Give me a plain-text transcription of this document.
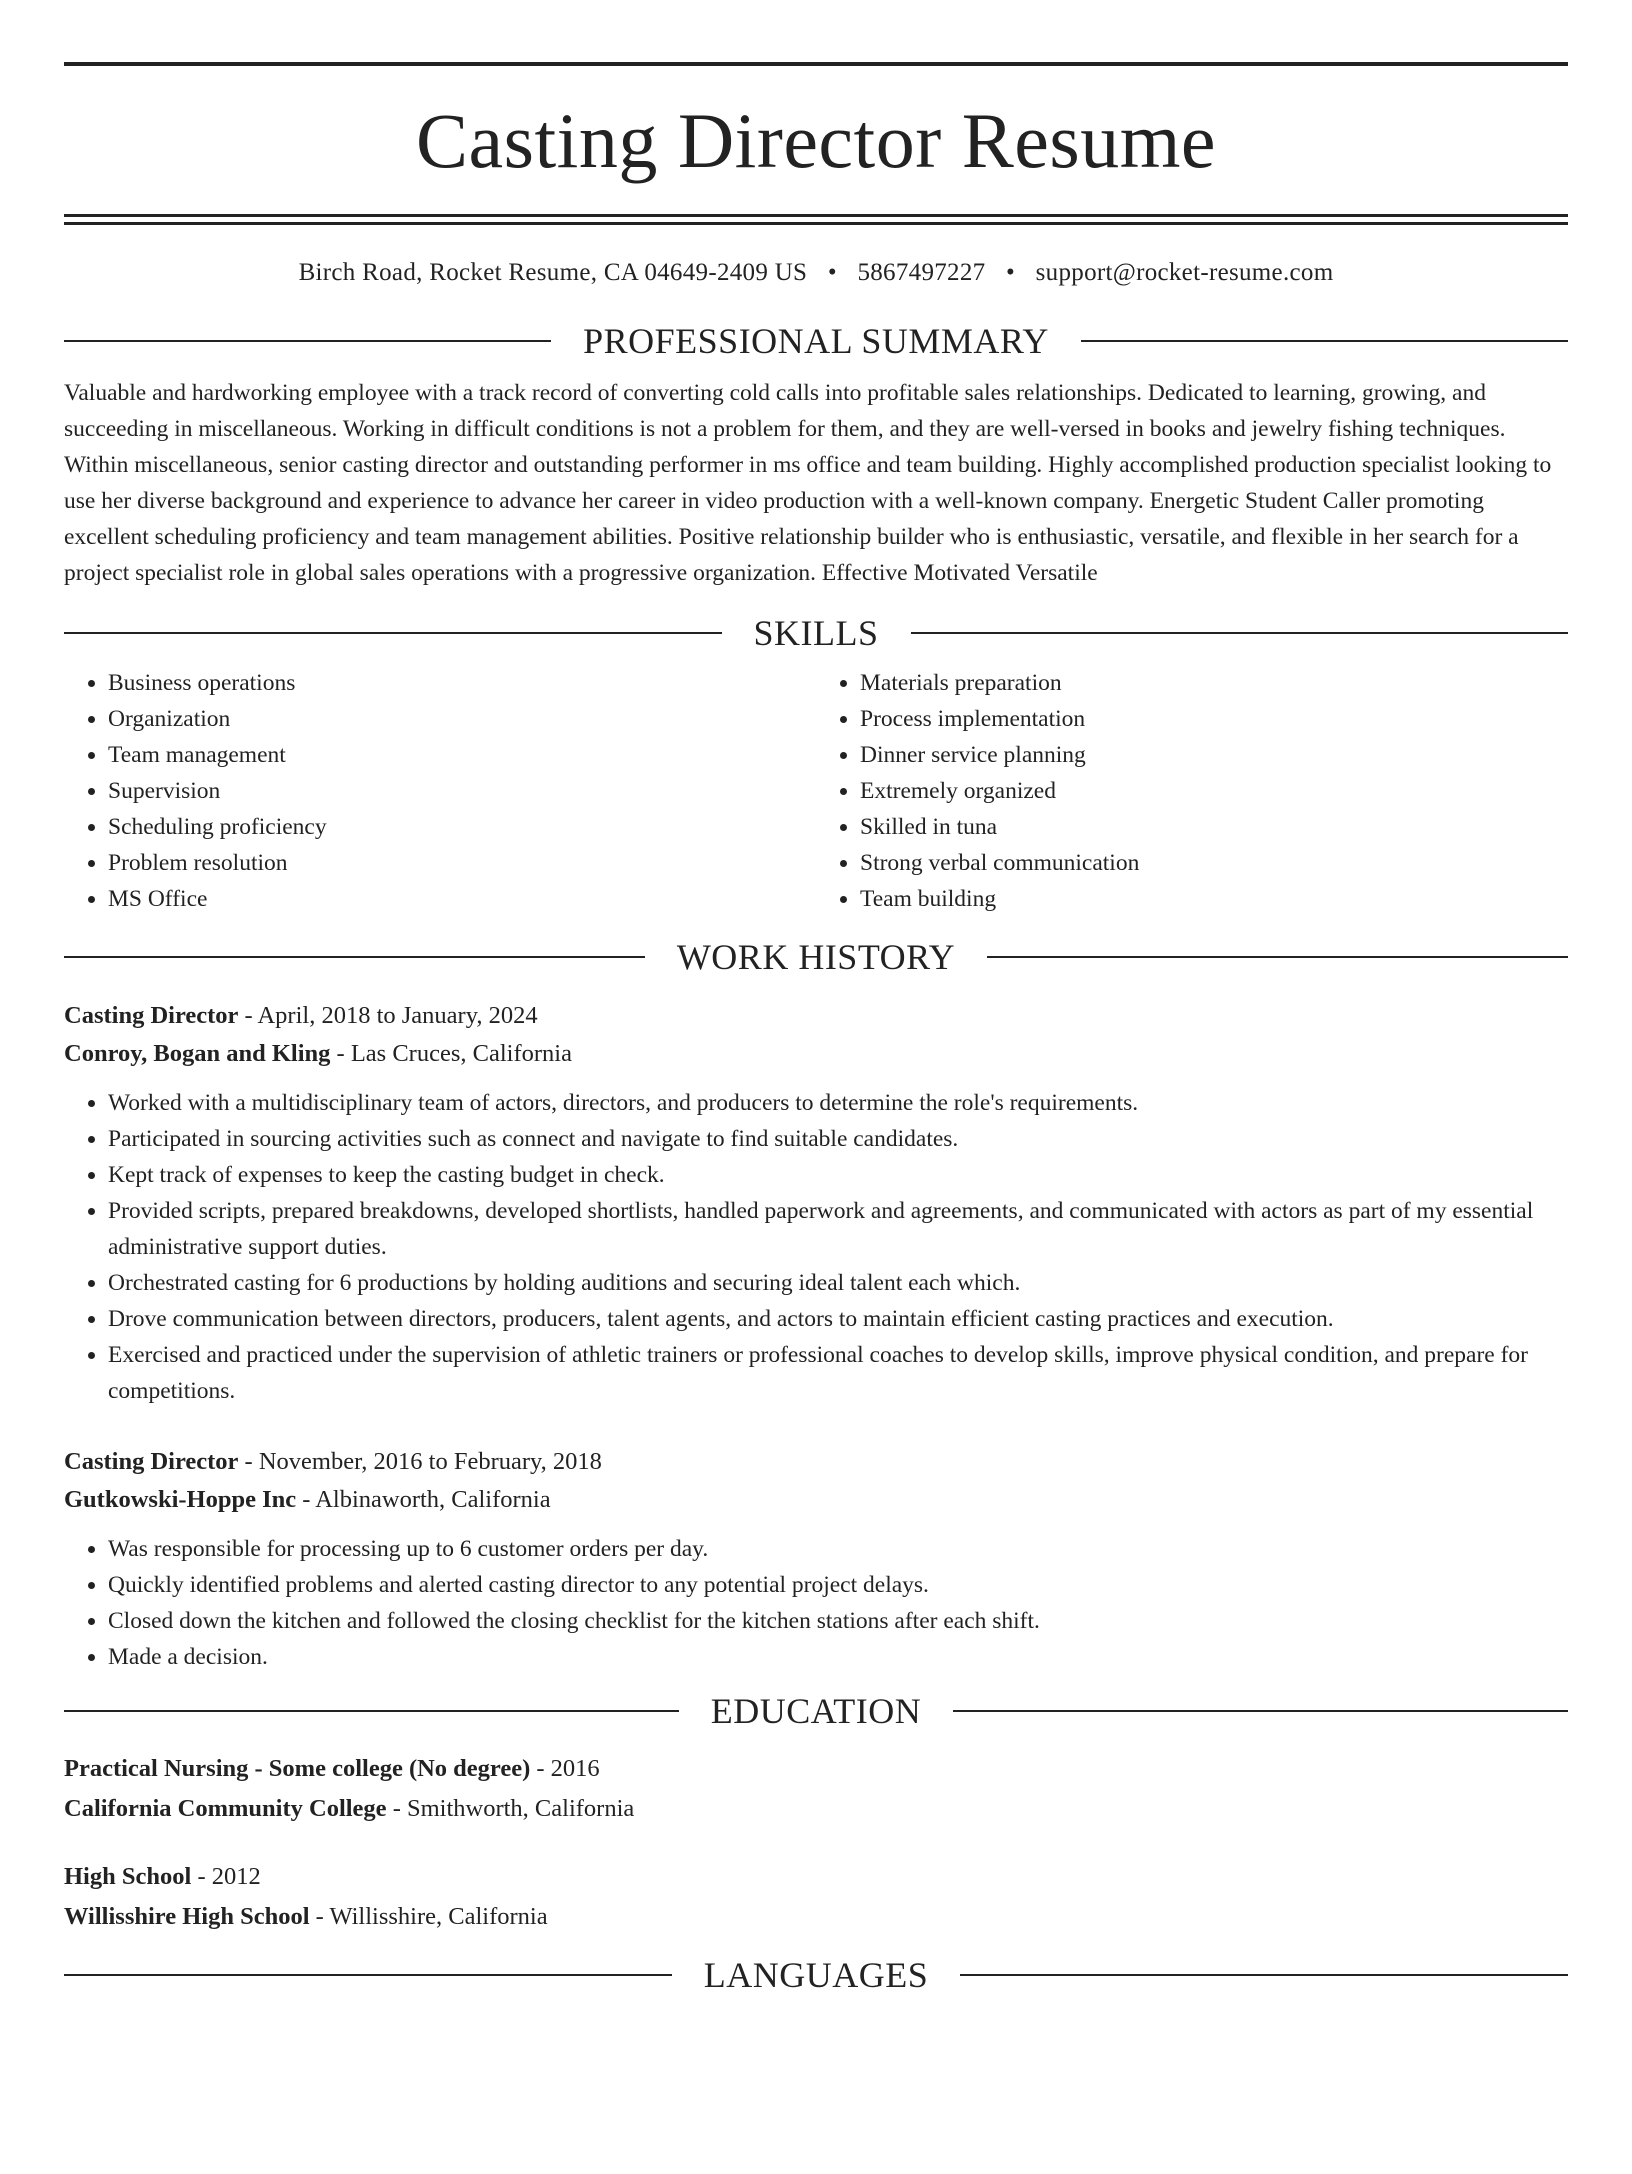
Casting Director Resume
Birch Road, Rocket Resume, CA 04649-2409 US • 5867497227 • support@rocket-resume.com
PROFESSIONAL SUMMARY

Valuable and hardworking employee with a track record of converting cold calls into profitable sales relationships. Dedicated to learning, growing, and succeeding in miscellaneous. Working in difficult conditions is not a problem for them, and they are well-versed in books and jewelry fishing techniques. Within miscellaneous, senior casting director and outstanding performer in ms office and team building. Highly accomplished production specialist looking to use her diverse background and experience to advance her career in video production with a well-known company. Energetic Student Caller promoting excellent scheduling proficiency and team management abilities. Positive relationship builder who is enthusiastic, versatile, and flexible in her search for a project specialist role in global sales operations with a progressive organization. Effective Motivated Versatile

SKILLS
• Business operations
• Organization
• Team management
• Supervision
• Scheduling proficiency
• Problem resolution
• MS Office
• Materials preparation
• Process implementation
• Dinner service planning
• Extremely organized
• Skilled in tuna
• Strong verbal communication
• Team building
WORK HISTORY
Casting Director - April, 2018 to January, 2024
Conroy, Bogan and Kling - Las Cruces, California
• Worked with a multidisciplinary team of actors, directors, and producers to determine the role's requirements.
• Participated in sourcing activities such as connect and navigate to find suitable candidates.
• Kept track of expenses to keep the casting budget in check.
• Provided scripts, prepared breakdowns, developed shortlists, handled paperwork and agreements, and communicated with actors as part of my essential administrative support duties.
• Orchestrated casting for 6 productions by holding auditions and securing ideal talent each which.
• Drove communication between directors, producers, talent agents, and actors to maintain efficient casting practices and execution.
• Exercised and practiced under the supervision of athletic trainers or professional coaches to develop skills, improve physical condition, and prepare for competitions.
Casting Director - November, 2016 to February, 2018
Gutkowski-Hoppe Inc - Albinaworth, California
• Was responsible for processing up to 6 customer orders per day.
• Quickly identified problems and alerted casting director to any potential project delays.
• Closed down the kitchen and followed the closing checklist for the kitchen stations after each shift.
• Made a decision.
EDUCATION
Practical Nursing - Some college (No degree) - 2016
California Community College - Smithworth, California
High School - 2012
Willisshire High School - Willisshire, California
LANGUAGES
